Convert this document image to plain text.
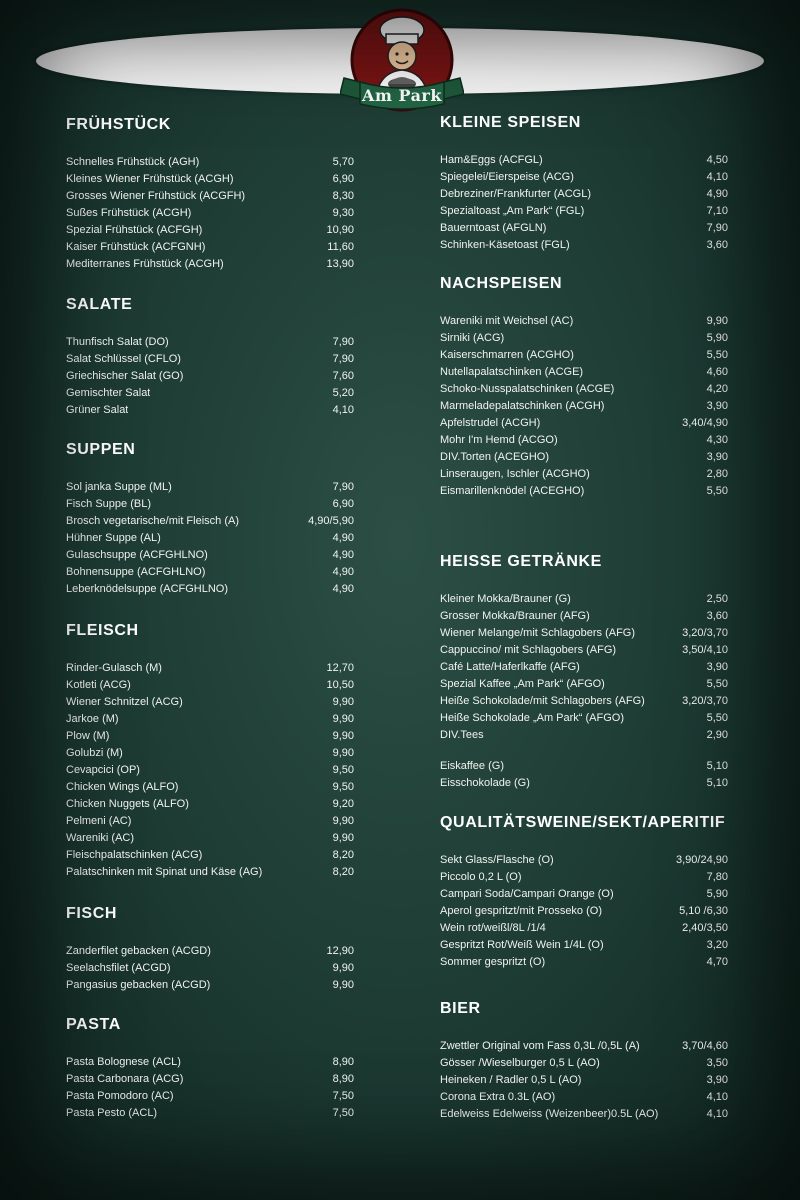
Am Park
FRÜHSTÜCK
Schnelles Frühstück (AGH)	5,70
Kleines Wiener Frühstück (ACGH)	6,90
Grosses Wiener Frühstück (ACGFH)	8,30
Sußes Frühstück (ACGH)	9,30
Spezial Frühstück (ACFGH)	10,90
Kaiser Frühstück (ACFGNH)	11,60
Mediterranes Frühstück (ACGH)	13,90
SALATE
Thunfisch Salat (DO)	7,90
Salat Schlüssel (CFLO)	7,90
Griechischer Salat (GO)	7,60
Gemischter Salat	5,20
Grüner Salat	4,10
SUPPEN
Sol janka Suppe (ML)	7,90
Fisch Suppe (BL)	6,90
Brosch vegetarische/mit Fleisch (A)	4,90/5,90
Hühner Suppe (AL)	4,90
Gulaschsuppe (ACFGHLNO)	4,90
Bohnensuppe (ACFGHLNO)	4,90
Leberknödelsuppe (ACFGHLNO)	4,90
FLEISCH
Rinder-Gulasch (M)	12,70
Kotleti (ACG)	10,50
Wiener Schnitzel (ACG)	9,90
Jarkoe (M)	9,90
Plow (M)	9,90
Golubzi (M)	9,90
Cevapcici (OP)	9,50
Chicken Wings (ALFO)	9,50
Chicken Nuggets (ALFO)	9,20
Pelmeni (AC)	9,90
Wareniki (AC)	9,90
Fleischpalatschinken (ACG)	8,20
Palatschinken mit Spinat und Käse (AG)	8,20
FISCH
Zanderfilet gebacken (ACGD)	12,90
Seelachsfilet (ACGD)	9,90
Pangasius gebacken (ACGD)	9,90
PASTA
Pasta Bolognese (ACL)	8,90
Pasta Carbonara (ACG)	8,90
Pasta Pomodoro (AC)	7,50
Pasta Pesto (ACL)	7,50
KLEINE SPEISEN
Ham&Eggs (ACFGL)	4,50
Spiegelei/Eierspeise (ACG)	4,10
Debreziner/Frankfurter (ACGL)	4,90
Spezialtoast „Am Park“ (FGL)	7,10
Bauerntoast (AFGLN)	7,90
Schinken-Käsetoast (FGL)	3,60
NACHSPEISEN
Wareniki mit Weichsel (AC)	9,90
Sirniki (ACG)	5,90
Kaiserschmarren (ACGHO)	5,50
Nutellapalatschinken (ACGE)	4,60
Schoko-Nusspalatschinken (ACGE)	4,20
Marmeladepalatschinken (ACGH)	3,90
Apfelstrudel (ACGH)	3,40/4,90
Mohr I'm Hemd (ACGO)	4,30
DIV.Torten (ACEGHO)	3,90
Linseraugen, Ischler (ACGHO)	2,80
Eismarillenknödel (ACEGHO)	5,50
HEISSE GETRÄNKE
Kleiner Mokka/Brauner (G)	2,50
Grosser Mokka/Brauner (AFG)	3,60
Wiener Melange/mit Schlagobers (AFG)	3,20/3,70
Cappuccino/ mit Schlagobers (AFG)	3,50/4,10
Café Latte/Haferlkaffe (AFG)	3,90
Spezial Kaffee „Am Park“ (AFGO)	5,50
Heiße Schokolade/mit Schlagobers (AFG)	3,20/3,70
Heiße Schokolade „Am Park“ (AFGO)	5,50
DIV.Tees	2,90
Eiskaffee (G)	5,10
Eisschokolade (G)	5,10
QUALITÄTSWEINE/SEKT/APERITIF
Sekt Glass/Flasche (O)	3,90/24,90
Piccolo 0,2 L (O)	7,80
Campari Soda/Campari Orange (O)	5,90
Aperol gespritzt/mit Prosseko (O)	5,10 /6,30
Wein rot/weißl/8L /1/4	2,40/3,50
Gespritzt Rot/Weiß Wein 1/4L (O)	3,20
Sommer gespritzt (O)	4,70
BIER
Zwettler Original vom Fass 0,3L /0,5L (A)	3,70/4,60
Gösser /Wieselburger 0,5 L (AO)	3,50
Heineken / Radler 0,5 L (AO)	3,90
Corona Extra 0.3L (AO)	4,10
Edelweiss Edelweiss (Weizenbeer)0.5L (AO)	4,10
